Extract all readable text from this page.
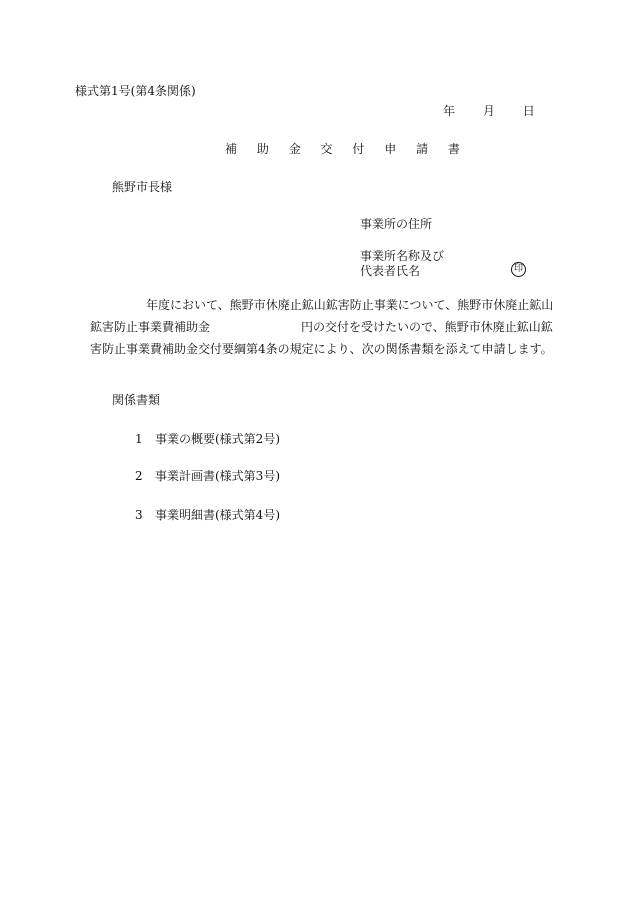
様式第1号(第4条関係)
年 月 日
補 助 金 交 付 申 請 書
熊野市長様
事業所の住所
事業所名称及び
代表者氏名	印
年度において、熊野市休廃止鉱山鉱害防止事業について、熊野市休廃止鉱山
鉱害防止事業費補助金	円の交付を受けたいので、熊野市休廃止鉱山鉱
害防止事業費補助金交付要綱第4条の規定により、次の関係書類を添えて申請します。
関係書類
1 事業の概要(様式第2号)
2 事業計画書(様式第3号)
3 事業明細書(様式第4号)
